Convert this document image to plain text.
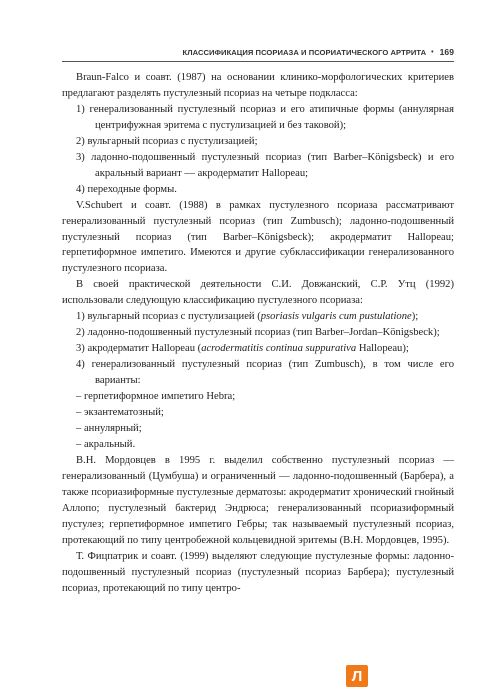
КЛАССИФИКАЦИЯ ПСОРИАЗА И ПСОРИАТИЧЕСКОГО АРТРИТА • 169

Braun-Falco и соавт. (1987) на основании клинико-морфологических критериев предлагают разделять пустулезный псориаз на четыре подкласса:

1) генерализованный пустулезный псориаз и его атипичные формы (аннулярная центрифужная эритема с пустулизацией и без таковой);

2) вульгарный псориаз с пустулизацией;

3) ладонно-подошвенный пустулезный псориаз (тип Barber–Königsbeck) и его акральный вариант — акродерматит Hallopeau;

4) переходные формы.

V.Schubert и соавт. (1988) в рамках пустулезного псориаза рассматривают генерализованный пустулезный псориаз (тип Zumbusch); ладонно-подошвенный пустулезный псориаз (тип Barber–Königsbeck); акродерматит Hallopeau; герпетиформное импетиго. Имеются и другие субклассификации генерализованного пустулезного псориаза.

В своей практической деятельности С.И. Довжанский, С.Р. Утц (1992) использовали следующую классификацию пустулезного псориаза:

1) вульгарный псориаз с пустулизацией (psoriasis vulgaris cum pustulatione);

2) ладонно-подошвенный пустулезный псориаз (тип Barber–Jordan–Königsbeck);

3) акродерматит Hallopeau (acrodermatitis continua suppurativa Hallopeau);

4) генерализованный пустулезный псориаз (тип Zumbusch), в том числе его варианты:

– герпетиформное импетиго Hebra;

– экзантематозный;

– аннулярный;

– акральный.

В.Н. Мордовцев в 1995 г. выделил собственно пустулезный псориаз — генерализованный (Цумбуша) и ограниченный — ладонно-подошвенный (Барбера), а также псориазиформные пустулезные дерматозы: акродерматит хронический гнойный Аллопо; пустулезный бактерид Эндрюса; генерализованный псориазиформный пустулез; герпетиформное импетиго Гебры; так называемый пустулезный псориаз, протекающий по типу центробежной кольцевидной эритемы (В.Н. Мордовцев, 1995).

Т. Фицпатрик и соавт. (1999) выделяют следующие пустулезные формы: ладонно-подошвенный пустулезный псориаз (пустулезный псориаз Барбера); пустулезный псориаз, протекающий по типу центро-

Л
